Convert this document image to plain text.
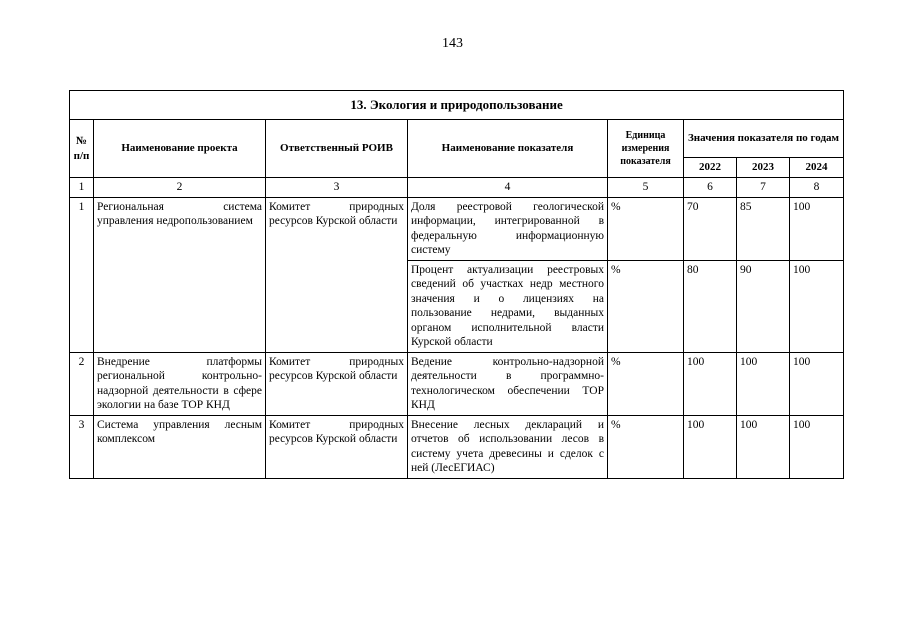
143
13. Экология и природопользование							
№ п/п	Наименование проекта	Ответственный РОИВ	Наименование показателя	Единица измерения показателя	Значения показателя по годам		
					2022	2023	2024
1	2	3	4	5	6	7	8
1	Региональная система управления недропользованием	Комитет природных ресурсов Курской области	Доля реестровой геологической информации, интегрированной в федеральную информационную систему	%	70	85	100
			Процент актуализации реестровых сведений об участках недр местного значения и о лицензиях на пользование недрами, выданных органом исполнительной власти Курской области	%	80	90	100
2	Внедрение платформы региональной контрольно-надзорной деятельности в сфере экологии на базе ТОР КНД	Комитет природных ресурсов Курской области	Ведение контрольно-надзорной деятельности в программно-технологическом обеспечении ТОР КНД	%	100	100	100
3	Система управления лесным комплексом	Комитет природных ресурсов Курской области	Внесение лесных деклараций и отчетов об использовании лесов в систему учета древесины и сделок с ней (ЛесЕГИАС)	%	100	100	100
